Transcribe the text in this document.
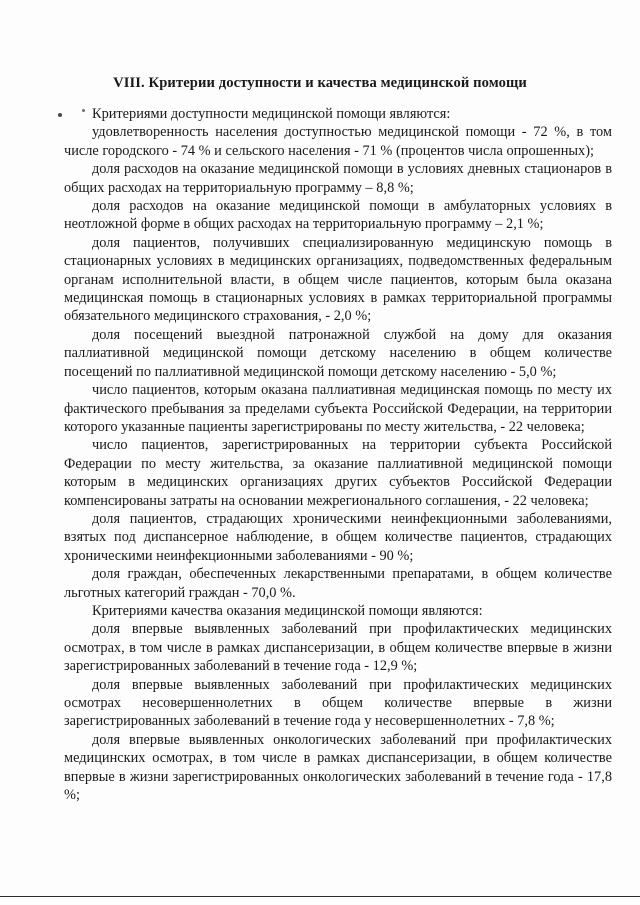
VIII. Критерии доступности и качества медицинской помощи

Критериями доступности медицинской помощи являются:

удовлетворенность населения доступностью медицинской помощи - 72 %, в том числе городского - 74 % и сельского населения - 71 % (процентов числа опрошенных);

доля расходов на оказание медицинской помощи в условиях дневных стационаров в общих расходах на территориальную программу – 8,8 %;

доля расходов на оказание медицинской помощи в амбулаторных условиях в неотложной форме в общих расходах на территориальную программу – 2,1 %;

доля пациентов, получивших специализированную медицинскую помощь в стационарных условиях в медицинских организациях, подведомственных федеральным органам исполнительной власти, в общем числе пациентов, которым была оказана медицинская помощь в стационарных условиях в рамках территориальной программы обязательного медицинского страхования, - 2,0 %;

доля посещений выездной патронажной службой на дому для оказания паллиативной медицинской помощи детскому населению в общем количестве посещений по паллиативной медицинской помощи детскому населению - 5,0 %;

число пациентов, которым оказана паллиативная медицинская помощь по месту их фактического пребывания за пределами субъекта Российской Федерации, на территории которого указанные пациенты зарегистрированы по месту жительства, - 22 человека;

число пациентов, зарегистрированных на территории субъекта Российской Федерации по месту жительства, за оказание паллиативной медицинской помощи которым в медицинских организациях других субъектов Российской Федерации компенсированы затраты на основании межрегионального соглашения, - 22 человека;

доля пациентов, страдающих хроническими неинфекционными заболеваниями, взятых под диспансерное наблюдение, в общем количестве пациентов, страдающих хроническими неинфекционными заболеваниями - 90 %;

доля граждан, обеспеченных лекарственными препаратами, в общем количестве льготных категорий граждан - 70,0 %.

Критериями качества оказания медицинской помощи являются:

доля впервые выявленных заболеваний при профилактических медицинских осмотрах, в том числе в рамках диспансеризации, в общем количестве впервые в жизни зарегистрированных заболеваний в течение года - 12,9 %;

доля впервые выявленных заболеваний при профилактических медицинских осмотрах несовершеннолетних в общем количестве впервые в жизни зарегистрированных заболеваний в течение года у несовершеннолетних - 7,8 %;

доля впервые выявленных онкологических заболеваний при профилактических медицинских осмотрах, в том числе в рамках диспансеризации, в общем количестве впервые в жизни зарегистрированных онкологических заболеваний в течение года - 17,8 %;
